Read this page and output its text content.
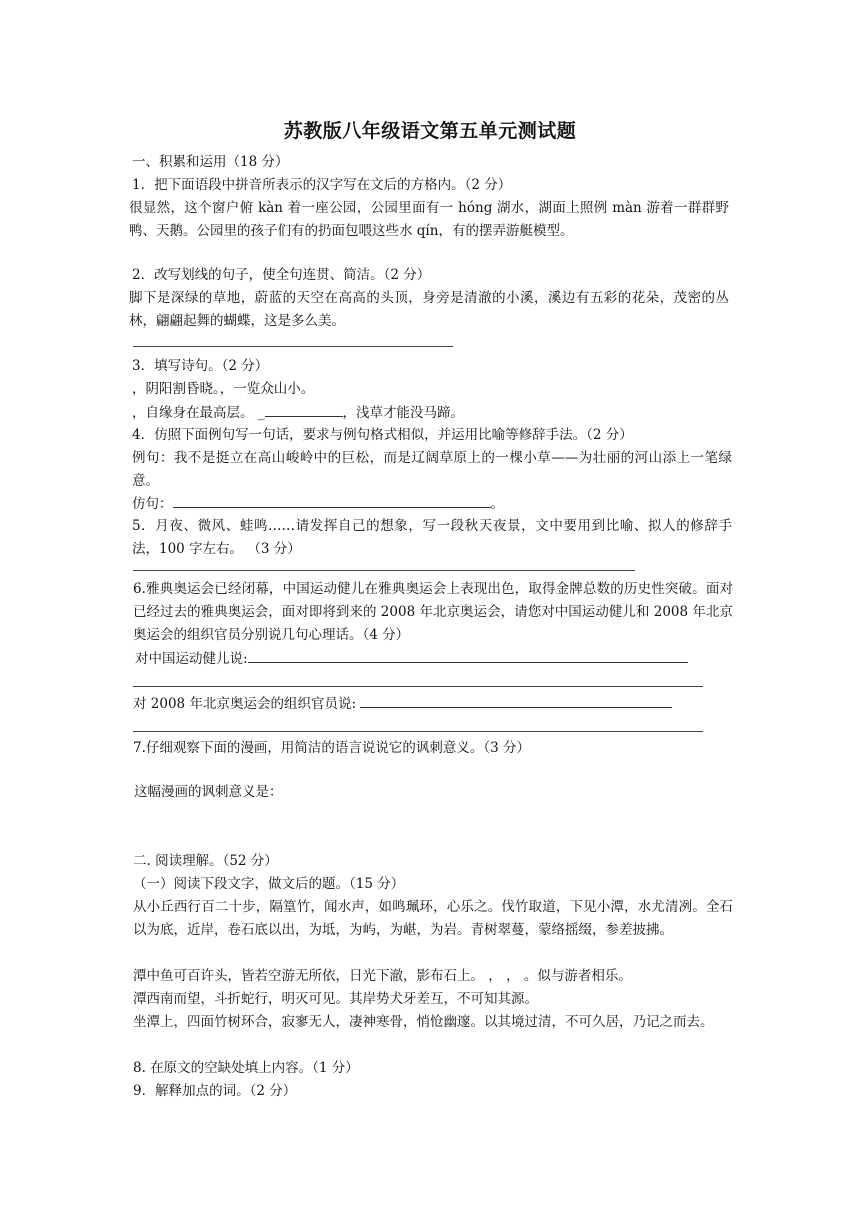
苏教版八年级语文第五单元测试题

一、积累和运用（18 分）

1．把下面语段中拼音所表示的汉字写在文后的方格内。（2 分）

很显然，这个窗户俯 kàn 着一座公园，公园里面有一 hóng 湖水，湖面上照例 màn 游着一群群野鸭、天鹅。公园里的孩子们有的扔面包喂这些水 qín，有的摆弄游艇模型。

2．改写划线的句子，使全句连贯、简洁。（2 分）

脚下是深绿的草地，蔚蓝的天空在高高的头顶，身旁是清澈的小溪，溪边有五彩的花朵，茂密的丛林，翩翩起舞的蝴蝶，这是多么美。

3．填写诗句。（2 分）

，阴阳割昏晓。，一览众山小。

，自缘身在最高层。 _	，浅草才能没马蹄。

4．仿照下面例句写一句话，要求与例句格式相似，并运用比喻等修辞手法。（2 分）

例句：我不是挺立在高山峻岭中的巨松，而是辽阔草原上的一棵小草——为壮丽的河山添上一笔绿意。

仿句：	。

5．月夜、微风、蛙鸣……请发挥自己的想象，写一段秋天夜景，文中要用到比喻、拟人的修辞手法，100 字左右。 （3 分）

6.雅典奥运会已经闭幕，中国运动健儿在雅典奥运会上表现出色，取得金牌总数的历史性突破。面对已经过去的雅典奥运会，面对即将到来的 2008 年北京奥运会，请您对中国运动健儿和 2008 年北京奥运会的组织官员分别说几句心理话。（4 分）

对中国运动健儿说:

对 2008 年北京奥运会的组织官员说:

7.仔细观察下面的漫画，用简洁的语言说说它的讽刺意义。（3 分）

这幅漫画的讽刺意义是：

二. 阅读理解。（52 分）

（一）阅读下段文字，做文后的题。（15 分）

从小丘西行百二十步，隔篁竹，闻水声，如鸣珮环，心乐之。伐竹取道，下见小潭，水尤清冽。全石以为底，近岸，卷石底以出，为坻，为屿，为嵁，为岩。青树翠蔓，蒙络摇缀，参差披拂。

潭中鱼可百许头，皆若空游无所依，日光下澈，影布石上。 ， ， 。似与游者相乐。

潭西南而望，斗折蛇行，明灭可见。其岸势犬牙差互，不可知其源。

坐潭上，四面竹树环合，寂寥无人，凄神寒骨，悄怆幽邃。以其境过清，不可久居，乃记之而去。

8. 在原文的空缺处填上内容。（1 分）

9．解释加点的词。（2 分）
